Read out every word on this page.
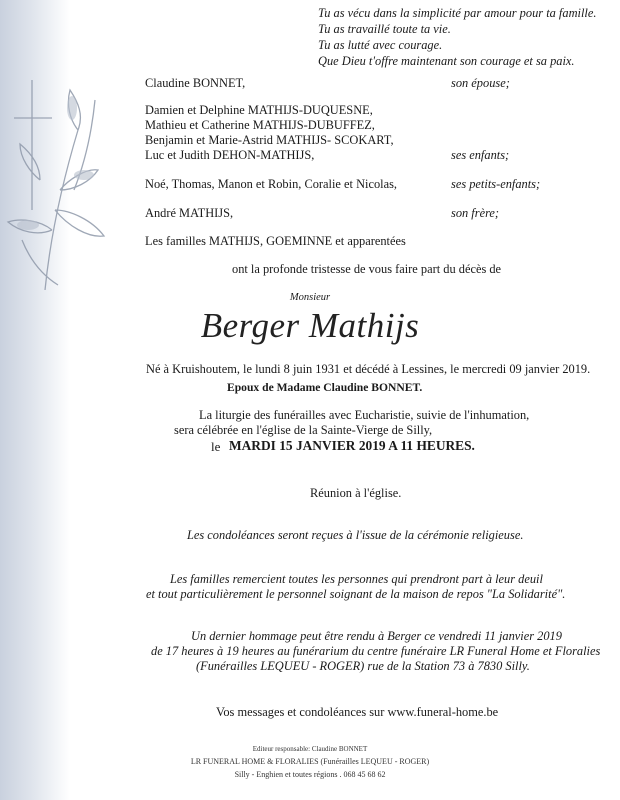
Tu as vécu dans la simplicité par amour pour ta famille.
Tu as travaillé toute ta vie.
Tu as lutté avec courage.
Que Dieu t'offre maintenant son courage et sa paix.
Claudine BONNET,	son épouse;
Damien et Delphine MATHIJS-DUQUESNE,
Mathieu et Catherine MATHIJS-DUBUFFEZ,
Benjamin et Marie-Astrid MATHIJS- SCOKART,
Luc et Judith DEHON-MATHIJS,	ses enfants;
Noé, Thomas, Manon et Robin, Coralie et Nicolas,	ses petits-enfants;
André MATHIJS,	son frère;
Les familles MATHIJS, GOEMINNE et apparentées
ont la profonde tristesse de vous faire part du décès de
Monsieur
Berger Mathijs
Né à Kruishoutem, le lundi 8 juin 1931 et décédé à Lessines, le mercredi 09 janvier 2019.
Epoux de Madame Claudine BONNET.
La liturgie des funérailles avec Eucharistie, suivie de l'inhumation,
sera célébrée en l'église de la Sainte-Vierge de Silly,
le MARDI 15 JANVIER 2019 A 11 HEURES.
Réunion à l'église.
Les condoléances seront reçues à l'issue de la cérémonie religieuse.
Les familles remercient toutes les personnes qui prendront part à leur deuil
et tout particulièrement le personnel soignant de la maison de repos "La Solidarité".
Un dernier hommage peut être rendu à Berger ce vendredi 11 janvier 2019
de 17 heures à 19 heures au funérarium du centre funéraire LR Funeral Home et Floralies
(Funérailles LEQUEU - ROGER) rue de la Station 73 à 7830 Silly.
Vos messages et condoléances sur www.funeral-home.be
Editeur responsable: Claudine BONNET
LR FUNERAL HOME & FLORALIES (Funérailles LEQUEU - ROGER)
Silly - Enghien et toutes régions . 068 45 68 62
